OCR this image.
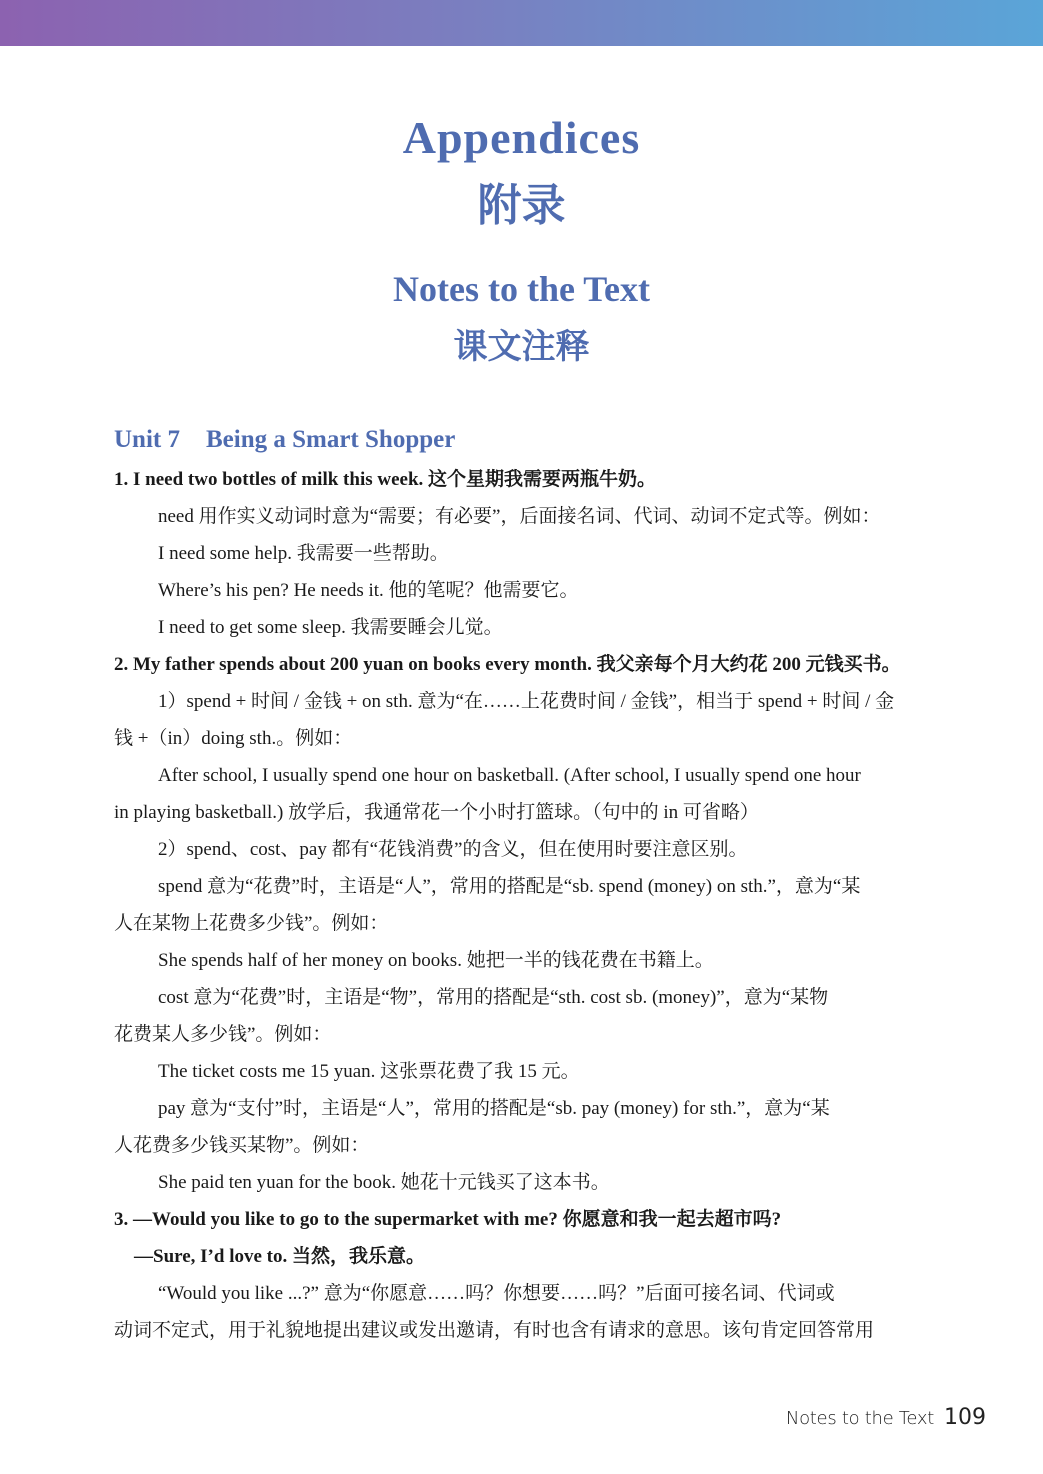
Appendices
附录
Notes to the Text
课文注释
Unit 7 Being a Smart Shopper
1. I need two bottles of milk this week. 这个星期我需要两瓶牛奶。
need 用作实义动词时意为“需要；有必要”，后面接名词、代词、动词不定式等。例如：
I need some help. 我需要一些帮助。
Where’s his pen? He needs it. 他的笔呢？他需要它。
I need to get some sleep. 我需要睡会儿觉。
2. My father spends about 200 yuan on books every month. 我父亲每个月大约花 200 元钱买书。
1）spend + 时间 / 金钱 + on sth. 意为“在……上花费时间 / 金钱”，相当于 spend + 时间 / 金
钱 +（in）doing sth.。例如：
After school, I usually spend one hour on basketball. (After school, I usually spend one hour
in playing basketball.) 放学后，我通常花一个小时打篮球。（句中的 in 可省略）
2）spend、cost、pay 都有“花钱消费”的含义，但在使用时要注意区别。
spend 意为“花费”时，主语是“人”，常用的搭配是“sb. spend (money) on sth.”，意为“某
人在某物上花费多少钱”。例如：
She spends half of her money on books. 她把一半的钱花费在书籍上。
cost 意为“花费”时，主语是“物”，常用的搭配是“sth. cost sb. (money)”，意为“某物
花费某人多少钱”。例如：
The ticket costs me 15 yuan. 这张票花费了我 15 元。
pay 意为“支付”时，主语是“人”，常用的搭配是“sb. pay (money) for sth.”，意为“某
人花费多少钱买某物”。例如：
She paid ten yuan for the book. 她花十元钱买了这本书。
3. —Would you like to go to the supermarket with me? 你愿意和我一起去超市吗?
—Sure, I’d love to. 当然，我乐意。
“Would you like ...?” 意为“你愿意……吗？你想要……吗？”后面可接名词、代词或
动词不定式，用于礼貌地提出建议或发出邀请，有时也含有请求的意思。该句肯定回答常用
Notes to the Text 109
